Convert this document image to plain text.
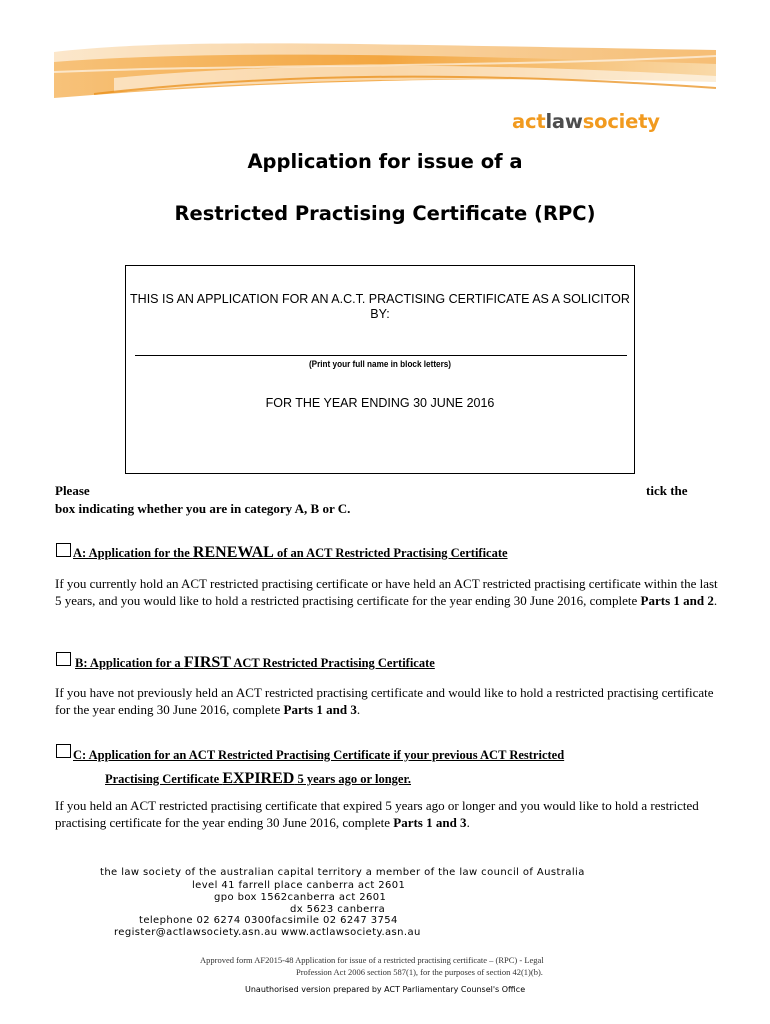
actlawsociety
Application for issue of a
Restricted Practising Certificate (RPC)
THIS IS AN APPLICATION FOR AN A.C.T. PRACTISING CERTIFICATE AS A SOLICITOR BY:
(Print your full name in block letters)
FOR THE YEAR ENDING 30 JUNE 2016
Please	tick the
box indicating whether you are in category A, B or C.
A: Application for the RENEWAL of an ACT Restricted Practising Certificate
If you currently hold an ACT restricted practising certificate or have held an ACT restricted practising certificate within the last 5 years, and you would like to hold a restricted practising certificate for the year ending 30 June 2016, complete Parts 1 and 2.
B: Application for a FIRST ACT Restricted Practising Certificate
If you have not previously held an ACT restricted practising certificate and would like to hold a restricted practising certificate for the year ending 30 June 2016, complete Parts 1 and 3.
C: Application for an ACT Restricted Practising Certificate if your previous ACT Restricted
Practising Certificate EXPIRED 5 years ago or longer.
If you held an ACT restricted practising certificate that expired 5 years ago or longer and you would like to hold a restricted practising certificate for the year ending 30 June 2016, complete Parts 1 and 3.
the law society of the australian capital territory a member of the law council of Australia
level 41 farrell place canberra act 2601
gpo box 1562canberra act 2601
dx 5623 canberra
telephone 02 6274 0300facsimile 02 6247 3754
register@actlawsociety.asn.au www.actlawsociety.asn.au
Approved form AF2015-48 Application for issue of a restricted practising certificate – (RPC) - Legal
Profession Act 2006 section 587(1), for the purposes of section 42(1)(b).
Unauthorised version prepared by ACT Parliamentary Counsel's Office
